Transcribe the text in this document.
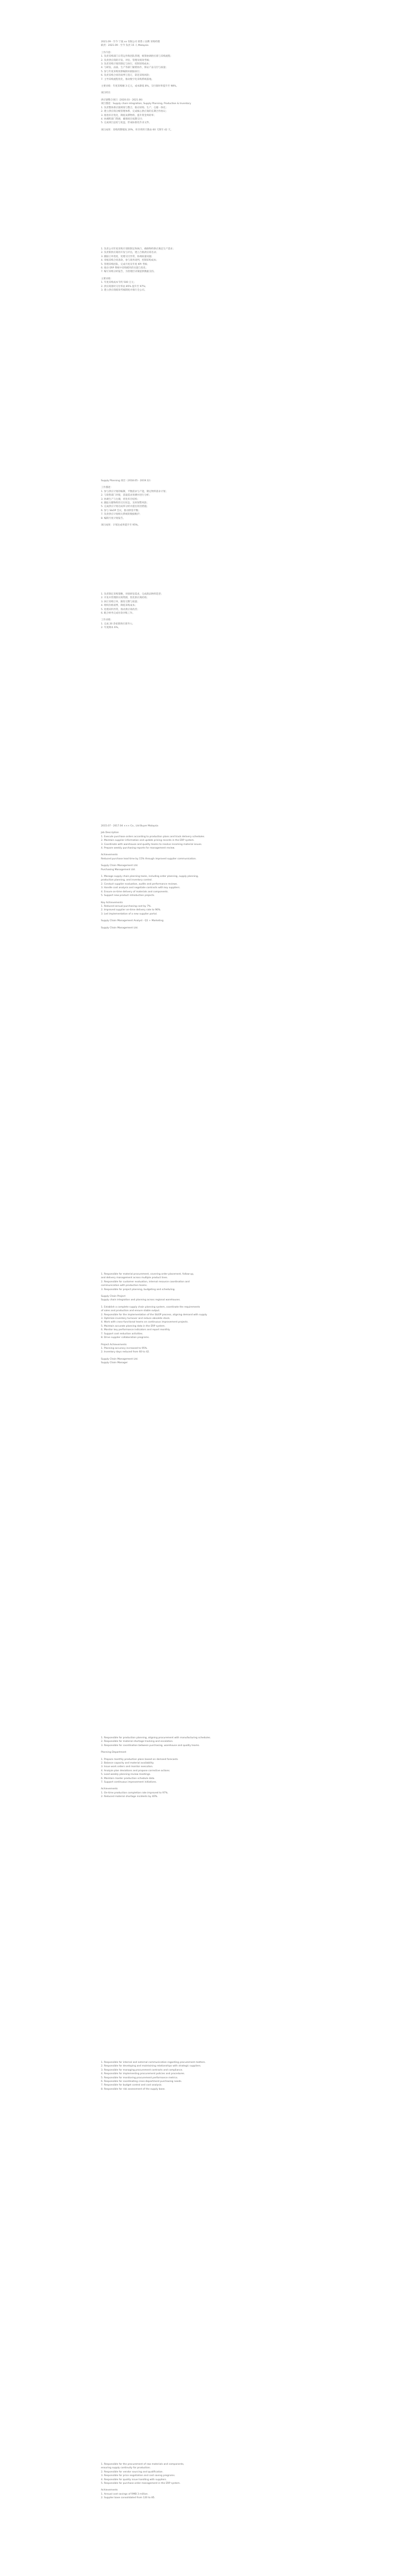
2021.09 - 至今 宁波 xx 有限公司 销售 / 品牌 采购经理

职责：2021.09 - 至今 负责 15 人 Malaysia

工作内容：

1. 负责采购部门日常运作和团队管理，统筹协调供应商与采购流程；

2. 负责供应商的开发、评估、管理及绩效考核；

3. 负责采购计划的制定与执行，控制采购成本；

4. 与研发、品质、生产等部门紧密协作，保证产品交付与质量；

5. 参与年度采购预算编制并跟踪执行；

6. 负责采购合同的谈判与签订，防范采购风险；

7. 主导采购流程优化，推动数字化采购系统落地。

主要业绩：年度采购额 3 亿元，成本降低 8%，交付准时率提升至 98%。

项目经历

供应链整合项目（2020.03 - 2021.06）

项目描述：Supply chain integration, Supply Planning, Production & Inventory

1. 负责整体供应链规划与整合，推动采购、生产、仓储一体化；

2. 建立供应商分级管理体系，完成核心供应商的长期合作协议；

3. 推进库存优化，降低呆滞物料，提升资金周转率；

4. 协调跨部门资源，确保项目按期交付；

5. 完成项目总结与复盘，形成标准化作业文件。

项目成果：采购周期缩短 20%，库存周转天数由 60 天降至 42 天。

1. 负责公司年度采购计划的制定和执行，确保物料供应满足生产需求；

2. 负责新供应商的开发与评估，建立合格供应商名录；

3. 跟踪订单进度，处理交付异常，协调质量问题；

4. 审核采购合同条款，参与商务谈判，控制采购成本；

5. 管理采购团队，完成月度及年度 KPI 考核；

6. 推动 ERP 系统中采购模块的实施与优化；

7. 编写采购分析报告，为管理层决策提供数据支持。

主要业绩：

1. 年度采购成本节约 500 万元；

2. 供应商准时交付率由 85% 提升至 97%；

3. 建立供应商绩效考核制度并推行全公司。

Supply Planning 项目（2018.05 - 2019.12）

工作描述：

1. 参与供应计划的编制，平衡需求与产能，制定物料需求计划；

2. 与销售部门对接，获取需求预测并进行分析；

3. 协调生产与仓储，优化库存结构；

4. 跟踪关键物料的交付状态，及时预警风险；

5. 完成供应计划达成率分析并提出改进措施；

6. 参与 S&OP 会议，推动供需平衡；

7. 负责供应计划相关系统的数据维护；

8. 编制月度计划报告。

项目成果：计划达成率提升至 95%。

1. 负责制定采购策略，对接研发需求，完成新品物料选型；

2. 开发并管理供应商资源，优化供应商结构；

3. 执行采购订单，跟进交期与质量；

4. 组织价格谈判，降低采购成本；

5. 处理来料异常，推动供应商改善；

6. 配合财务完成付款对账工作。

工作业绩：

1. 完成 20 余家新供应商导入；

2. 年度降本 6%。

2015.07 - 2017.04 ××× Co., Ltd Buyer Malaysia

Job Description

1. Execute purchase orders according to production plans and track delivery schedules.

2. Maintain supplier information and update pricing records in the ERP system.

3. Coordinate with warehouse and quality teams to resolve incoming material issues.

4. Prepare weekly purchasing reports for management review.

Achievements

Reduced purchase lead time by 15% through improved supplier communication.

Supply Chain Management Ltd.

Purchasing Management Ltd.

1. Manage supply chain planning tasks, including order planning, supply planning,

production planning, and inventory control.

2. Conduct supplier evaluation, audits and performance reviews.

3. Handle cost analysis and negotiate contracts with key suppliers.

4. Ensure on-time delivery of materials and components.

5. Support new product introduction projects.

Key Achievements

1. Reduced annual purchasing cost by 7%.

2. Improved supplier on-time delivery rate to 96%.

3. Led implementation of a new supplier portal.

Supply Chain Management Analyst - Q1 + Marketing

Supply Chain Management Ltd.

1. Responsible for material procurement, covering order placement, follow-up,

and delivery management across multiple product lines.

2. Responsible for customer evaluation, internal resource coordination and

communication with production teams.

3. Responsible for project planning, budgeting and scheduling.

Supply Chain Project

Supply chain integration and planning across regional warehouses.

1. Establish a complete supply chain planning system, coordinate the requirements

of sales and production and ensure stable output.

2. Responsible for the implementation of the S&OP process, aligning demand with supply.

3. Optimize inventory turnover and reduce obsolete stock.

4. Work with cross-functional teams on continuous improvement projects.

5. Maintain accurate planning data in the ERP system.

6. Monitor key performance indicators and report monthly.

7. Support cost reduction activities.

8. Drive supplier collaboration programs.

Project Achievements

1. Planning accuracy increased to 95%.

2. Inventory days reduced from 60 to 42.

Supply Chain Management Ltd.

Supply Chain Manager

1. Responsible for production planning, aligning procurement with manufacturing schedules.

2. Responsible for material shortage tracking and escalation.

3. Responsible for coordination between purchasing, warehouse and quality teams.

Planning Department

1. Prepare monthly production plans based on demand forecasts.

2. Balance capacity and material availability.

3. Issue work orders and monitor execution.

4. Analyze plan deviations and propose corrective actions.

5. Lead weekly planning review meetings.

6. Maintain master production schedule data.

7. Support continuous improvement initiatives.

Achievements

1. On-time production completion rate improved to 97%.

2. Reduced material shortage incidents by 40%.

1. Responsible for internal and external communication regarding procurement matters.

2. Responsible for developing and maintaining relationships with strategic suppliers.

3. Responsible for managing procurement contracts and compliance.

4. Responsible for implementing procurement policies and procedures.

5. Responsible for monitoring procurement performance metrics.

6. Responsible for coordinating cross-department purchasing needs.

7. Responsible for budget control and cost analysis.

8. Responsible for risk assessment of the supply base.

1. Responsible for the procurement of raw materials and components,

ensuring supply continuity for production.

2. Responsible for vendor sourcing and qualification.

3. Responsible for price negotiation and cost saving programs.

4. Responsible for quality issue handling with suppliers.

5. Responsible for purchase order management in the ERP system.

Achievements

1. Annual cost savings of RMB 3 million.

2. Supplier base consolidated from 120 to 85.
